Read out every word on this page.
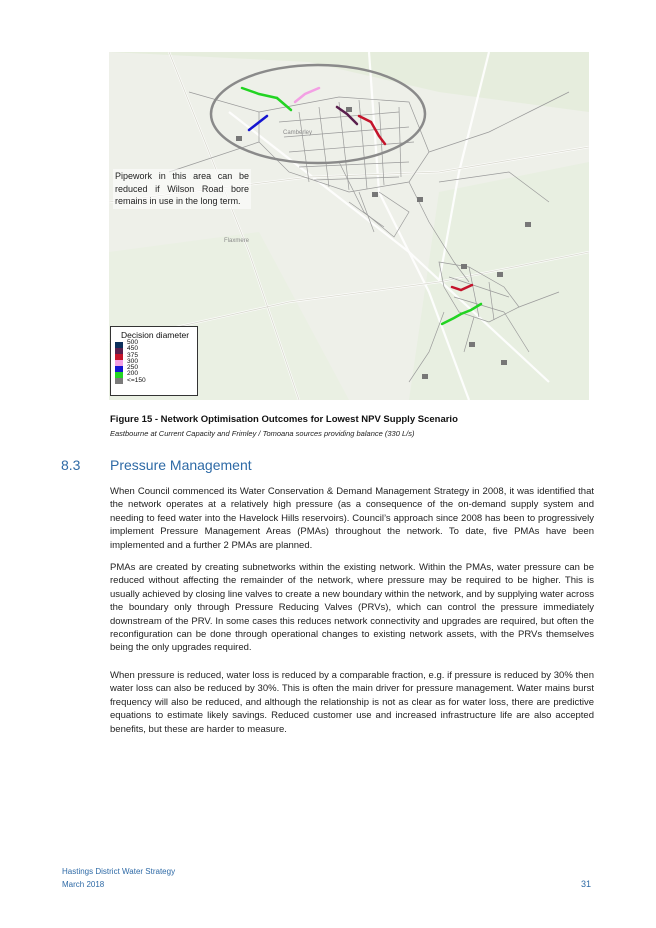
Camberley
Flaxmere
Pipework in this area can be reduced if Wilson Road bore remains in use in the long term.
Decision diameter
500
450
375
300
250
200
<=150
Figure 15 - Network Optimisation Outcomes for Lowest NPV Supply Scenario
Eastbourne at Current Capacity and Frimley / Tomoana sources providing balance (330 L/s)
8.3 Pressure Management

When Council commenced its Water Conservation & Demand Management Strategy in 2008, it was identified that the network operates at a relatively high pressure (as a consequence of the on-demand supply system and needing to feed water into the Havelock Hills reservoirs). Council’s approach since 2008 has been to progressively implement Pressure Management Areas (PMAs) throughout the network. To date, five PMAs have been implemented and a further 2 PMAs are planned.

PMAs are created by creating subnetworks within the existing network. Within the PMAs, water pressure can be reduced without affecting the remainder of the network, where pressure may be required to be higher. This is usually achieved by closing line valves to create a new boundary within the network, and by supplying water across the boundary only through Pressure Reducing Valves (PRVs), which can control the pressure immediately downstream of the PRV. In some cases this reduces network connectivity and upgrades are required, but often the reconfiguration can be done through operational changes to existing network assets, with the PRVs themselves being the only upgrades required.

When pressure is reduced, water loss is reduced by a comparable fraction, e.g. if pressure is reduced by 30% then water loss can also be reduced by 30%. This is often the main driver for pressure management. Water mains burst frequency will also be reduced, and although the relationship is not as clear as for water loss, there are predictive equations to estimate likely savings. Reduced customer use and increased infrastructure life are also accepted benefits, but these are harder to measure.

Hastings District Water Strategy
March 2018	31
